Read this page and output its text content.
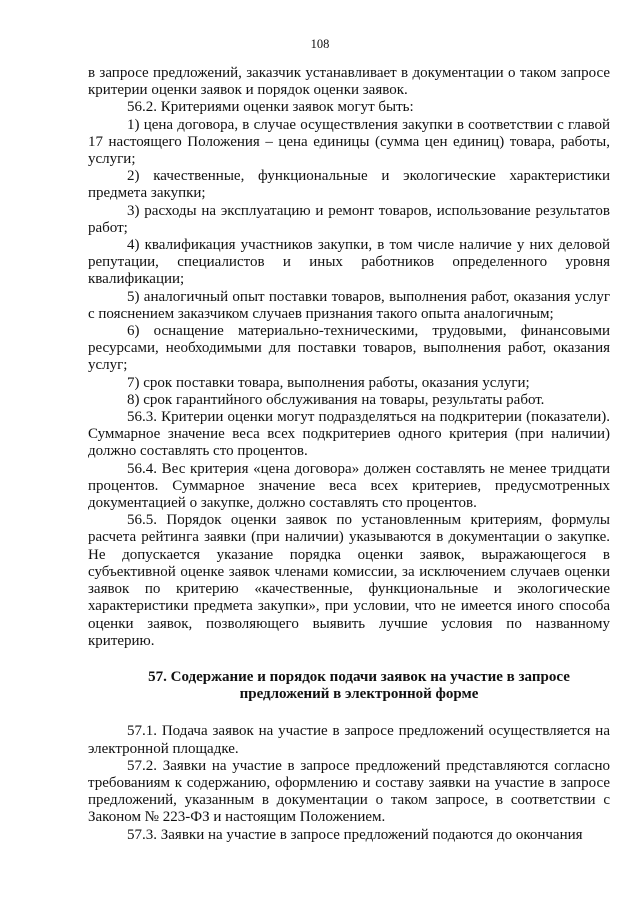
108

в запросе предложений, заказчик устанавливает в документации о таком запросе критерии оценки заявок и порядок оценки заявок.

56.2. Критериями оценки заявок могут быть:

1) цена договора, в случае осуществления закупки в соответствии с главой 17 настоящего Положения – цена единицы (сумма цен единиц) товара, работы, услуги;

2) качественные, функциональные и экологические характеристики предмета закупки;

3) расходы на эксплуатацию и ремонт товаров, использование результатов работ;

4) квалификация участников закупки, в том числе наличие у них деловой репутации, специалистов и иных работников определенного уровня квалификации;

5) аналогичный опыт поставки товаров, выполнения работ, оказания услуг с пояснением заказчиком случаев признания такого опыта аналогичным;

6) оснащение материально-техническими, трудовыми, финансовыми ресурсами, необходимыми для поставки товаров, выполнения работ, оказания услуг;

7) срок поставки товара, выполнения работы, оказания услуги;

8) срок гарантийного обслуживания на товары, результаты работ.

56.3. Критерии оценки могут подразделяться на подкритерии (показатели). Суммарное значение веса всех подкритериев одного критерия (при наличии) должно составлять сто процентов.

56.4. Вес критерия «цена договора» должен составлять не менее тридцати процентов. Суммарное значение веса всех критериев, предусмотренных документацией о закупке, должно составлять сто процентов.

56.5. Порядок оценки заявок по установленным критериям, формулы расчета рейтинга заявки (при наличии) указываются в документации о закупке. Не допускается указание порядка оценки заявок, выражающегося в субъективной оценке заявок членами комиссии, за исключением случаев оценки заявок по критерию «качественные, функциональные и экологические характеристики предмета закупки», при условии, что не имеется иного способа оценки заявок, позволяющего выявить лучшие условия по названному критерию.

57. Содержание и порядок подачи заявок на участие в запросе предложений в электронной форме

57.1. Подача заявок на участие в запросе предложений осуществляется на электронной площадке.

57.2. Заявки на участие в запросе предложений представляются согласно требованиям к содержанию, оформлению и составу заявки на участие в запросе предложений, указанным в документации о таком запросе, в соответствии с Законом № 223-ФЗ и настоящим Положением.

57.3. Заявки на участие в запросе предложений подаются до окончания
